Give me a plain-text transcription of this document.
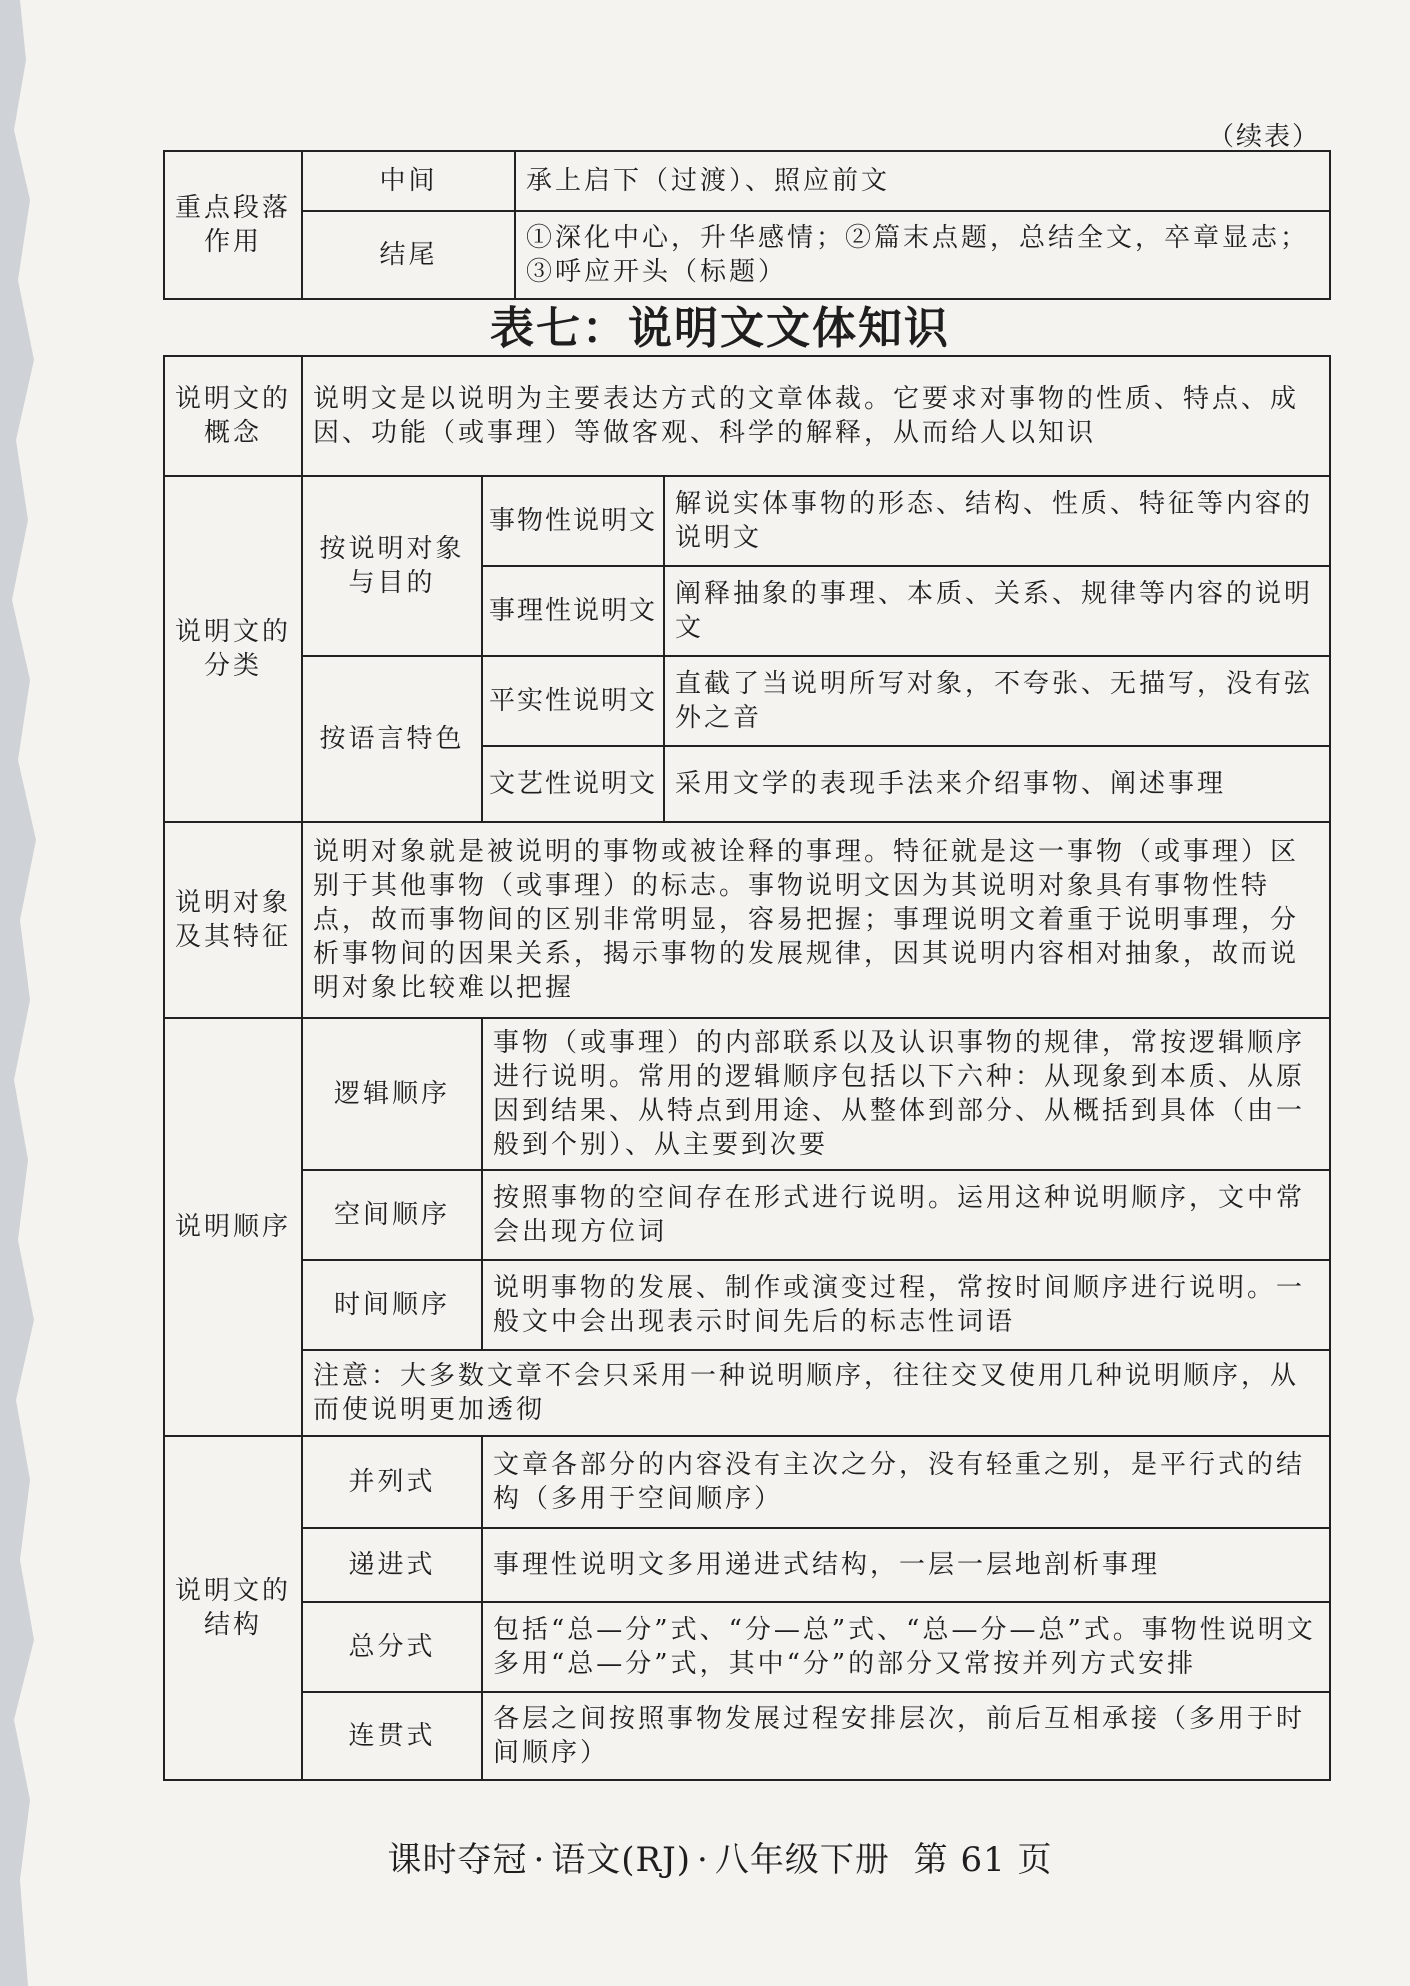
（续表）
重点段落作用	中间	承上启下（过渡）、照应前文
	结尾	①深化中心，升华感情；②篇末点题，总结全文，卒章显志；③呼应开头（标题）
表七：说明文文体知识
说明文的概念	说明文是以说明为主要表达方式的文章体裁。它要求对事物的性质、特点、成因、功能（或事理）等做客观、科学的解释，从而给人以知识		
说明文的分类	按说明对象与目的	事物性说明文	解说实体事物的形态、结构、性质、特征等内容的说明文
		事理性说明文	阐释抽象的事理、本质、关系、规律等内容的说明文
	按语言特色	平实性说明文	直截了当说明所写对象，不夸张、无描写，没有弦外之音
		文艺性说明文	采用文学的表现手法来介绍事物、阐述事理
说明对象及其特征	说明对象就是被说明的事物或被诠释的事理。特征就是这一事物（或事理）区别于其他事物（或事理）的标志。事物说明文因为其说明对象具有事物性特点，故而事物间的区别非常明显，容易把握；事理说明文着重于说明事理，分析事物间的因果关系，揭示事物的发展规律，因其说明内容相对抽象，故而说明对象比较难以把握		
说明顺序	逻辑顺序	事物（或事理）的内部联系以及认识事物的规律，常按逻辑顺序进行说明。常用的逻辑顺序包括以下六种：从现象到本质、从原因到结果、从特点到用途、从整体到部分、从概括到具体（由一般到个别）、从主要到次要	
	空间顺序	按照事物的空间存在形式进行说明。运用这种说明顺序，文中常会出现方位词	
	时间顺序	说明事物的发展、制作或演变过程，常按时间顺序进行说明。一般文中会出现表示时间先后的标志性词语	
	注意：大多数文章不会只采用一种说明顺序，往往交叉使用几种说明顺序，从而使说明更加透彻		
说明文的结构	并列式	文章各部分的内容没有主次之分，没有轻重之别，是平行式的结构（多用于空间顺序）	
	递进式	事理性说明文多用递进式结构，一层一层地剖析事理	
	总分式	包括“总—分”式、“分—总”式、“总—分—总”式。事物性说明文多用“总—分”式，其中“分”的部分又常按并列方式安排	
	连贯式	各层之间按照事物发展过程安排层次，前后互相承接（多用于时间顺序）	
课时夺冠 · 语文(RJ) · 八年级下册 第 61 页
